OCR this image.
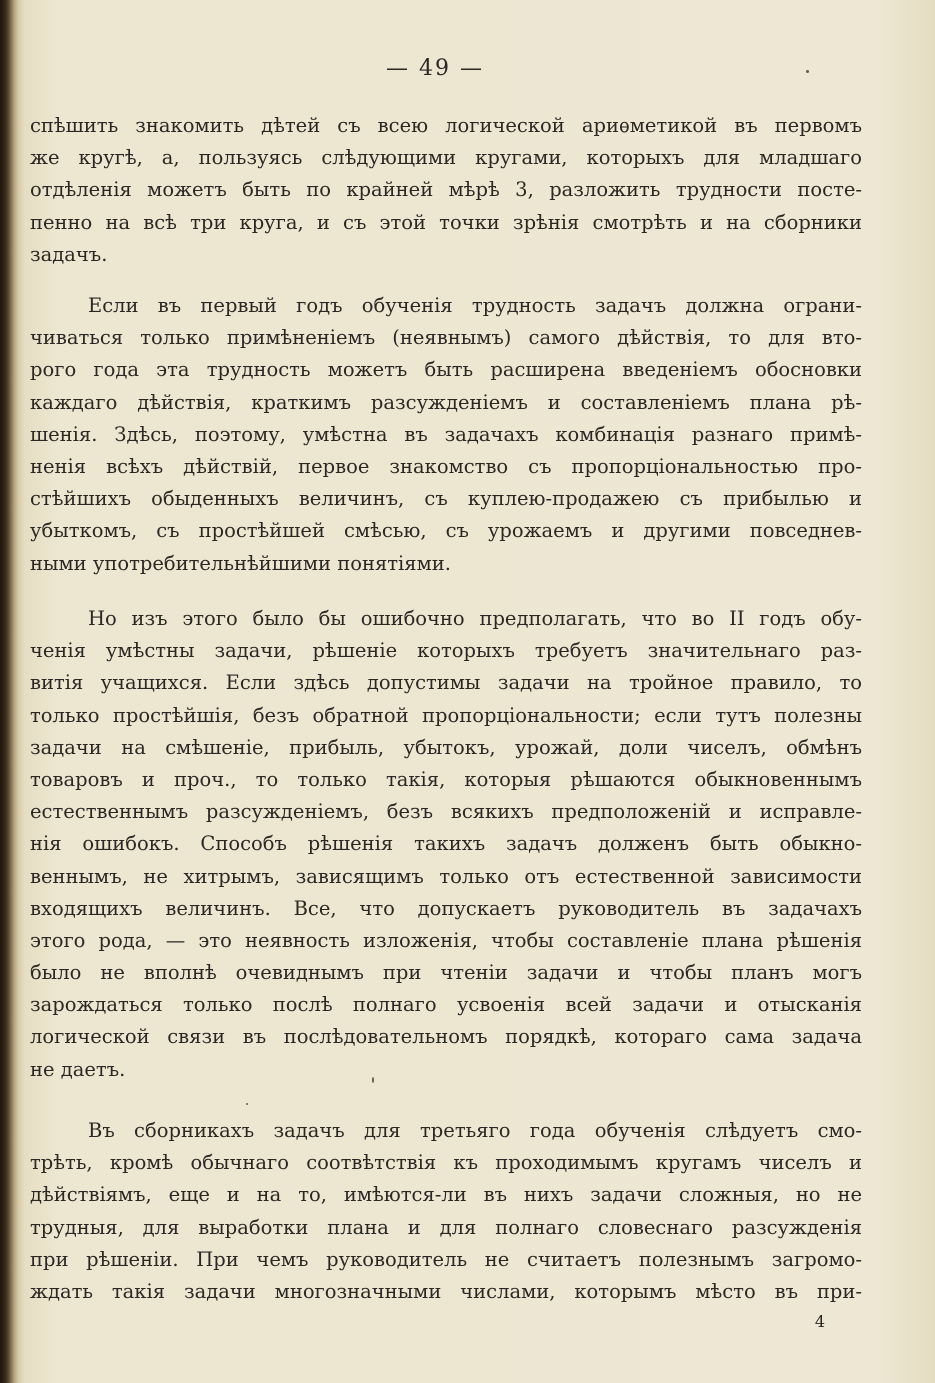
— 49 —
спѣшить знакомить дѣтей съ всею логической ариѳметикой въ первомъ
же кругѣ, а, пользуясь слѣдующими кругами, которыхъ для младшаго
отдѣленія можетъ быть по крайней мѣрѣ 3, разложить трудности посте-
пенно на всѣ три круга, и съ этой точки зрѣнія смотрѣть и на сборники
задачъ.
Если въ первый годъ обученія трудность задачъ должна ограни-
чиваться только примѣненіемъ (неявнымъ) самого дѣйствія, то для вто-
рого года эта трудность можетъ быть расширена введеніемъ обосновки
каждаго дѣйствія, краткимъ разсужденіемъ и составленіемъ плана рѣ-
шенія. Здѣсь, поэтому, умѣстна въ задачахъ комбинація разнаго примѣ-
ненія всѣхъ дѣйствій, первое знакомство съ пропорціональностью про-
стѣйшихъ обыденныхъ величинъ, съ куплею-продажею съ прибылью и
убыткомъ, съ простѣйшей смѣсью, съ урожаемъ и другими повседнев-
ными употребительнѣйшими понятіями.
Но изъ этого было бы ошибочно предполагать, что во II годъ обу-
ченія умѣстны задачи, рѣшеніе которыхъ требуетъ значительнаго раз-
витія учащихся. Если здѣсь допустимы задачи на тройное правило, то
только простѣйшія, безъ обратной пропорціональности; если тутъ полезны
задачи на смѣшеніе, прибыль, убытокъ, урожай, доли чиселъ, обмѣнъ
товаровъ и проч., то только такія, которыя рѣшаются обыкновеннымъ
естественнымъ разсужденіемъ, безъ всякихъ предположеній и исправле-
нія ошибокъ. Способъ рѣшенія такихъ задачъ долженъ быть обыкно-
веннымъ, не хитрымъ, зависящимъ только отъ естественной зависимости
входящихъ величинъ. Все, что допускаетъ руководитель въ задачахъ
этого рода, — это неявность изложенія, чтобы составленіе плана рѣшенія
было не вполнѣ очевиднымъ при чтеніи задачи и чтобы планъ могъ
зарождаться только послѣ полнаго усвоенія всей задачи и отысканія
логической связи въ послѣдовательномъ порядкѣ, котораго сама задача
не даетъ.
Въ сборникахъ задачъ для третьяго года обученія слѣдуетъ смо-
трѣть, кромѣ обычнаго соотвѣтствія къ проходимымъ кругамъ чиселъ и
дѣйствіямъ, еще и на то, имѣются-ли въ нихъ задачи сложныя, но не
трудныя, для выработки плана и для полнаго словеснаго разсужденія
при рѣшеніи. При чемъ руководитель не считаетъ полезнымъ загромо-
ждать такія задачи многозначными числами, которымъ мѣсто въ при-
4
